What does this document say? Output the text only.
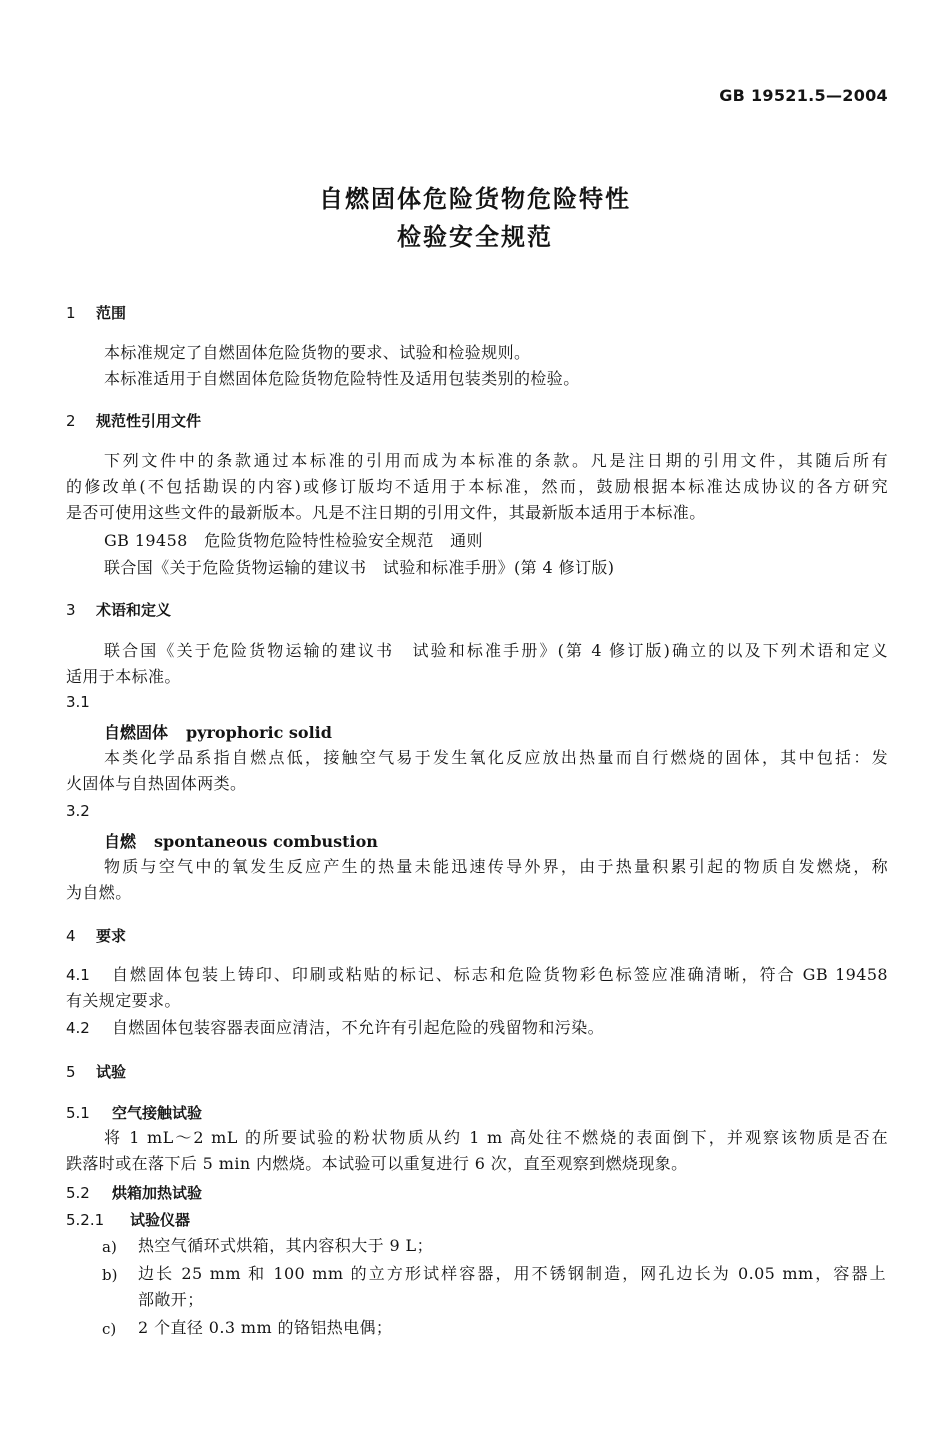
GB 19521.5—2004
自燃固体危险货物危险特性
检验安全规范
1 范围
本标准规定了自燃固体危险货物的要求、试验和检验规则。
本标准适用于自燃固体危险货物危险特性及适用包装类别的检验。
2 规范性引用文件
下列文件中的条款通过本标准的引用而成为本标准的条款。凡是注日期的引用文件，其随后所有
的修改单(不包括勘误的内容)或修订版均不适用于本标准，然而，鼓励根据本标准达成协议的各方研究
是否可使用这些文件的最新版本。凡是不注日期的引用文件，其最新版本适用于本标准。
GB 19458　危险货物危险特性检验安全规范　通则
联合国《关于危险货物运输的建议书　试验和标准手册》(第 4 修订版)
3 术语和定义
联合国《关于危险货物运输的建议书　试验和标准手册》(第 4 修订版)确立的以及下列术语和定义
适用于本标准。
3.1
自燃固体 pyrophoric solid
本类化学品系指自燃点低，接触空气易于发生氧化反应放出热量而自行燃烧的固体，其中包括：发
火固体与自热固体两类。
3.2
自燃 spontaneous combustion
物质与空气中的氧发生反应产生的热量未能迅速传导外界，由于热量积累引起的物质自发燃烧，称
为自燃。
4 要求
4.1 自燃固体包装上铸印、印刷或粘贴的标记、标志和危险货物彩色标签应准确清晰，符合 GB 19458
有关规定要求。
4.2 自燃固体包装容器表面应清洁，不允许有引起危险的残留物和污染。
5 试验
5.1 空气接触试验
将 1 mL～2 mL 的所要试验的粉状物质从约 1 m 高处往不燃烧的表面倒下，并观察该物质是否在
跌落时或在落下后 5 min 内燃烧。本试验可以重复进行 6 次，直至观察到燃烧现象。
5.2 烘箱加热试验
5.2.1 试验仪器
a) 热空气循环式烘箱，其内容积大于 9 L；
b) 边长 25 mm 和 100 mm 的立方形试样容器，用不锈钢制造，网孔边长为 0.05 mm，容器上
部敞开；
c) 2 个直径 0.3 mm 的铬铝热电偶；
